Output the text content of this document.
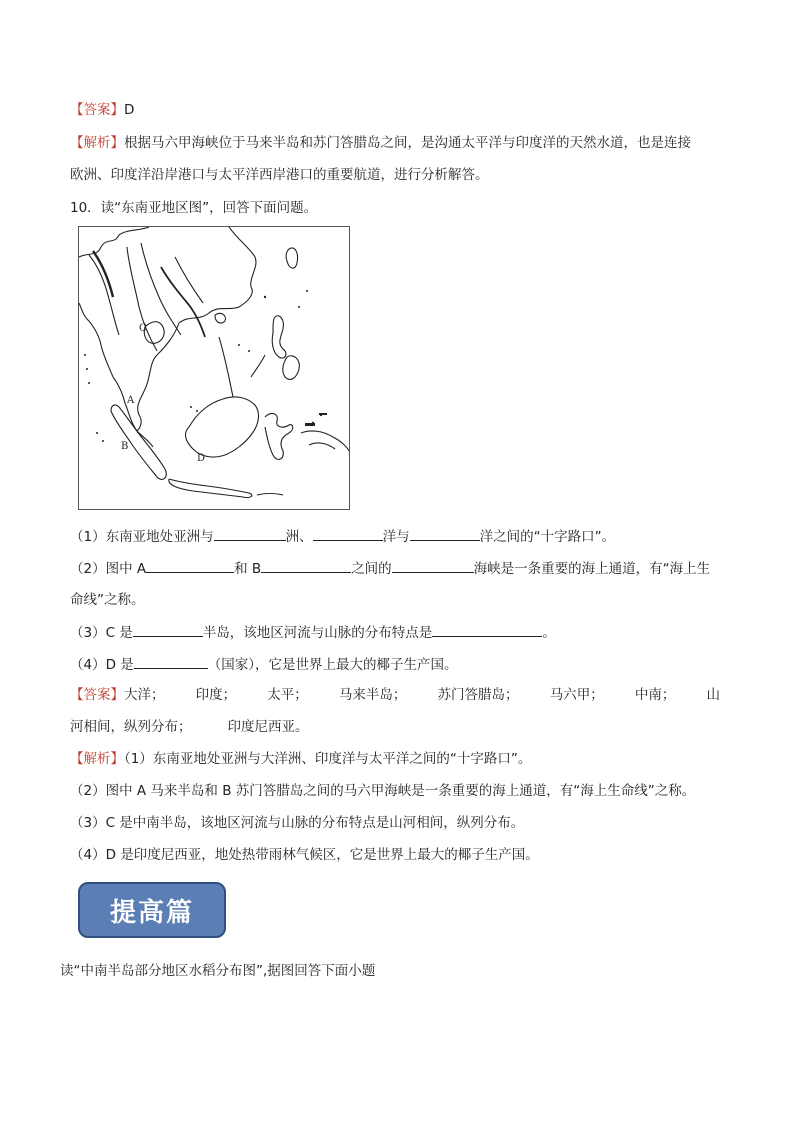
【答案】D
【解析】根据马六甲海峡位于马来半岛和苏门答腊岛之间，是沟通太平洋与印度洋的天然水道，也是连接
欧洲、印度洋沿岸港口与太平洋西岸港口的重要航道，进行分析解答。
10．读“东南亚地区图”，回答下面问题。
A
B
C
D
（1）东南亚地处亚洲与	洲、	洋与	洋之间的“十字路口”。
（2）图中 A	和 B	之间的	海峡是一条重要的海上通道，有“海上生
命线”之称。
（3）C 是	半岛，该地区河流与山脉的分布特点是	。
（4）D 是	（国家），它是世界上最大的椰子生产国。
【答案】大洋； 印度； 太平； 马来半岛； 苏门答腊岛； 马六甲； 中南； 山
河相间，纵列分布；	印度尼西亚。
【解析】（1）东南亚地处亚洲与大洋洲、印度洋与太平洋之间的“十字路口”。
（2）图中 A 马来半岛和 B 苏门答腊岛之间的马六甲海峡是一条重要的海上通道，有“海上生命线”之称。
（3）C 是中南半岛，该地区河流与山脉的分布特点是山河相间，纵列分布。
（4）D 是印度尼西亚，地处热带雨林气候区，它是世界上最大的椰子生产国。
提高篇
读“中南半岛部分地区水稻分布图”,据图回答下面小题
